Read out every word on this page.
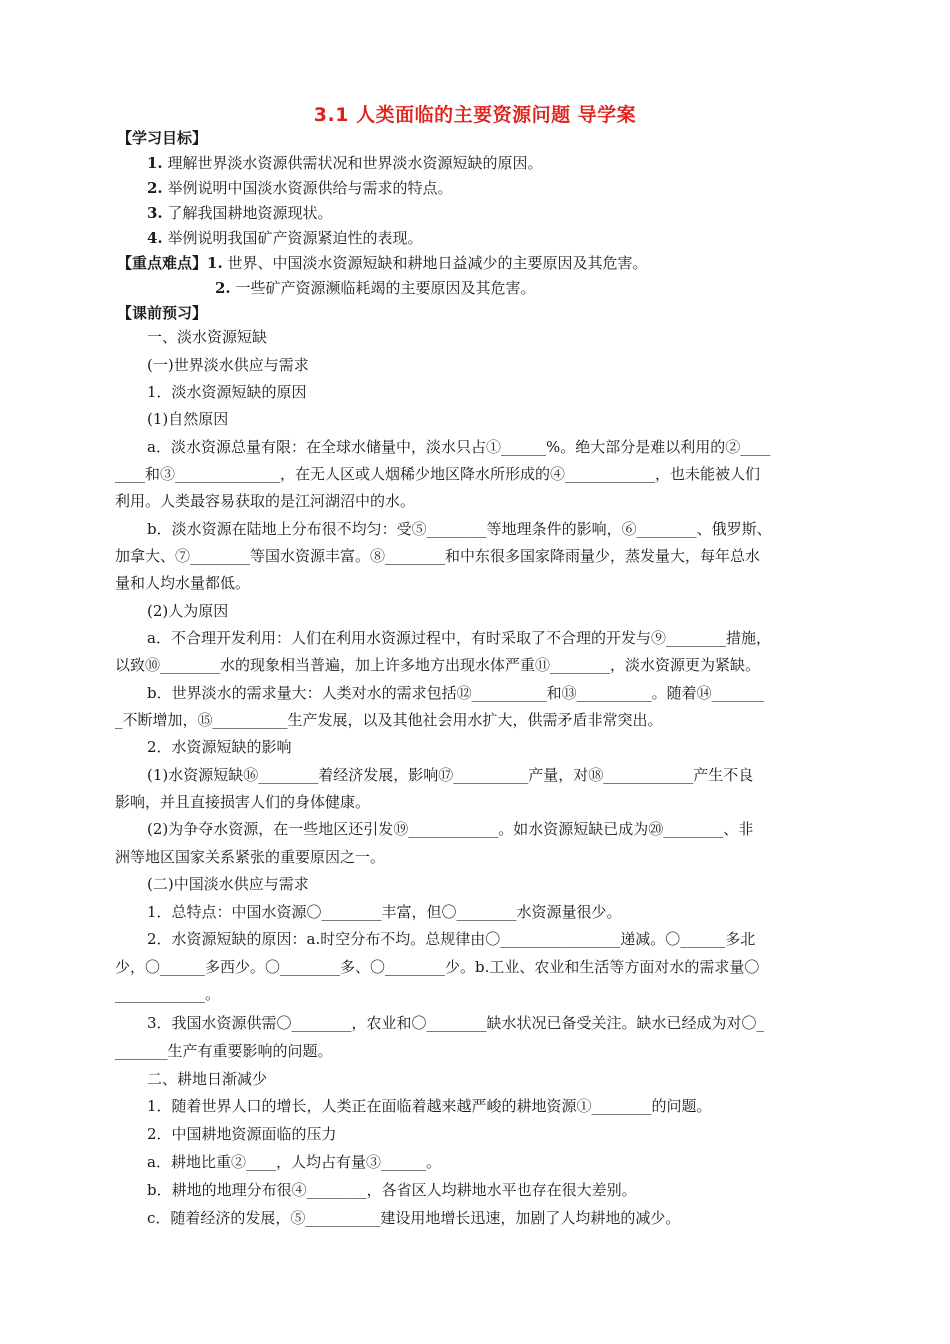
3.1 人类面临的主要资源问题 导学案
【学习目标】
1. 理解世界淡水资源供需状况和世界淡水资源短缺的原因。
2. 举例说明中国淡水资源供给与需求的特点。
3. 了解我国耕地资源现状。
4. 举例说明我国矿产资源紧迫性的表现。
【重点难点】1. 世界、中国淡水资源短缺和耕地日益减少的主要原因及其危害。
2. 一些矿产资源濒临耗竭的主要原因及其危害。
【课前预习】
一、淡水资源短缺
(一)世界淡水供应与需求
1．淡水资源短缺的原因
(1)自然原因
a．淡水资源总量有限：在全球水储量中，淡水只占①______%。绝大部分是难以利用的②____
____和③______________，在无人区或人烟稀少地区降水所形成的④____________，也未能被人们
利用。人类最容易获取的是江河湖沼中的水。
b．淡水资源在陆地上分布很不均匀：受⑤________等地理条件的影响，⑥________、俄罗斯、
加拿大、⑦________等国水资源丰富。⑧________和中东很多国家降雨量少，蒸发量大，每年总水
量和人均水量都低。
(2)人为原因
a．不合理开发利用：人们在利用水资源过程中，有时采取了不合理的开发与⑨________措施，
以致⑩________水的现象相当普遍，加上许多地方出现水体严重⑪________，淡水资源更为紧缺。
b．世界淡水的需求量大：人类对水的需求包括⑫__________和⑬__________。随着⑭_______
_不断增加，⑮__________生产发展，以及其他社会用水扩大，供需矛盾非常突出。
2．水资源短缺的影响
(1)水资源短缺⑯________着经济发展，影响⑰__________产量，对⑱____________产生不良
影响，并且直接损害人们的身体健康。
(2)为争夺水资源，在一些地区还引发⑲____________。如水资源短缺已成为⑳________、非
洲等地区国家关系紧张的重要原因之一。
(二)中国淡水供应与需求
1．总特点：中国水资源〇________丰富，但〇________水资源量很少。
2．水资源短缺的原因：a.时空分布不均。总规律由〇________________递减。〇______多北
少，〇______多西少。〇________多、〇________少。b.工业、农业和生活等方面对水的需求量〇
____________。
3．我国水资源供需〇________，农业和〇________缺水状况已备受关注。缺水已经成为对〇_
_______生产有重要影响的问题。
二、耕地日渐减少
1．随着世界人口的增长，人类正在面临着越来越严峻的耕地资源①________的问题。
2．中国耕地资源面临的压力
a．耕地比重②____，人均占有量③______。
b．耕地的地理分布很④________，各省区人均耕地水平也存在很大差别。
c．随着经济的发展，⑤__________建设用地增长迅速，加剧了人均耕地的减少。
